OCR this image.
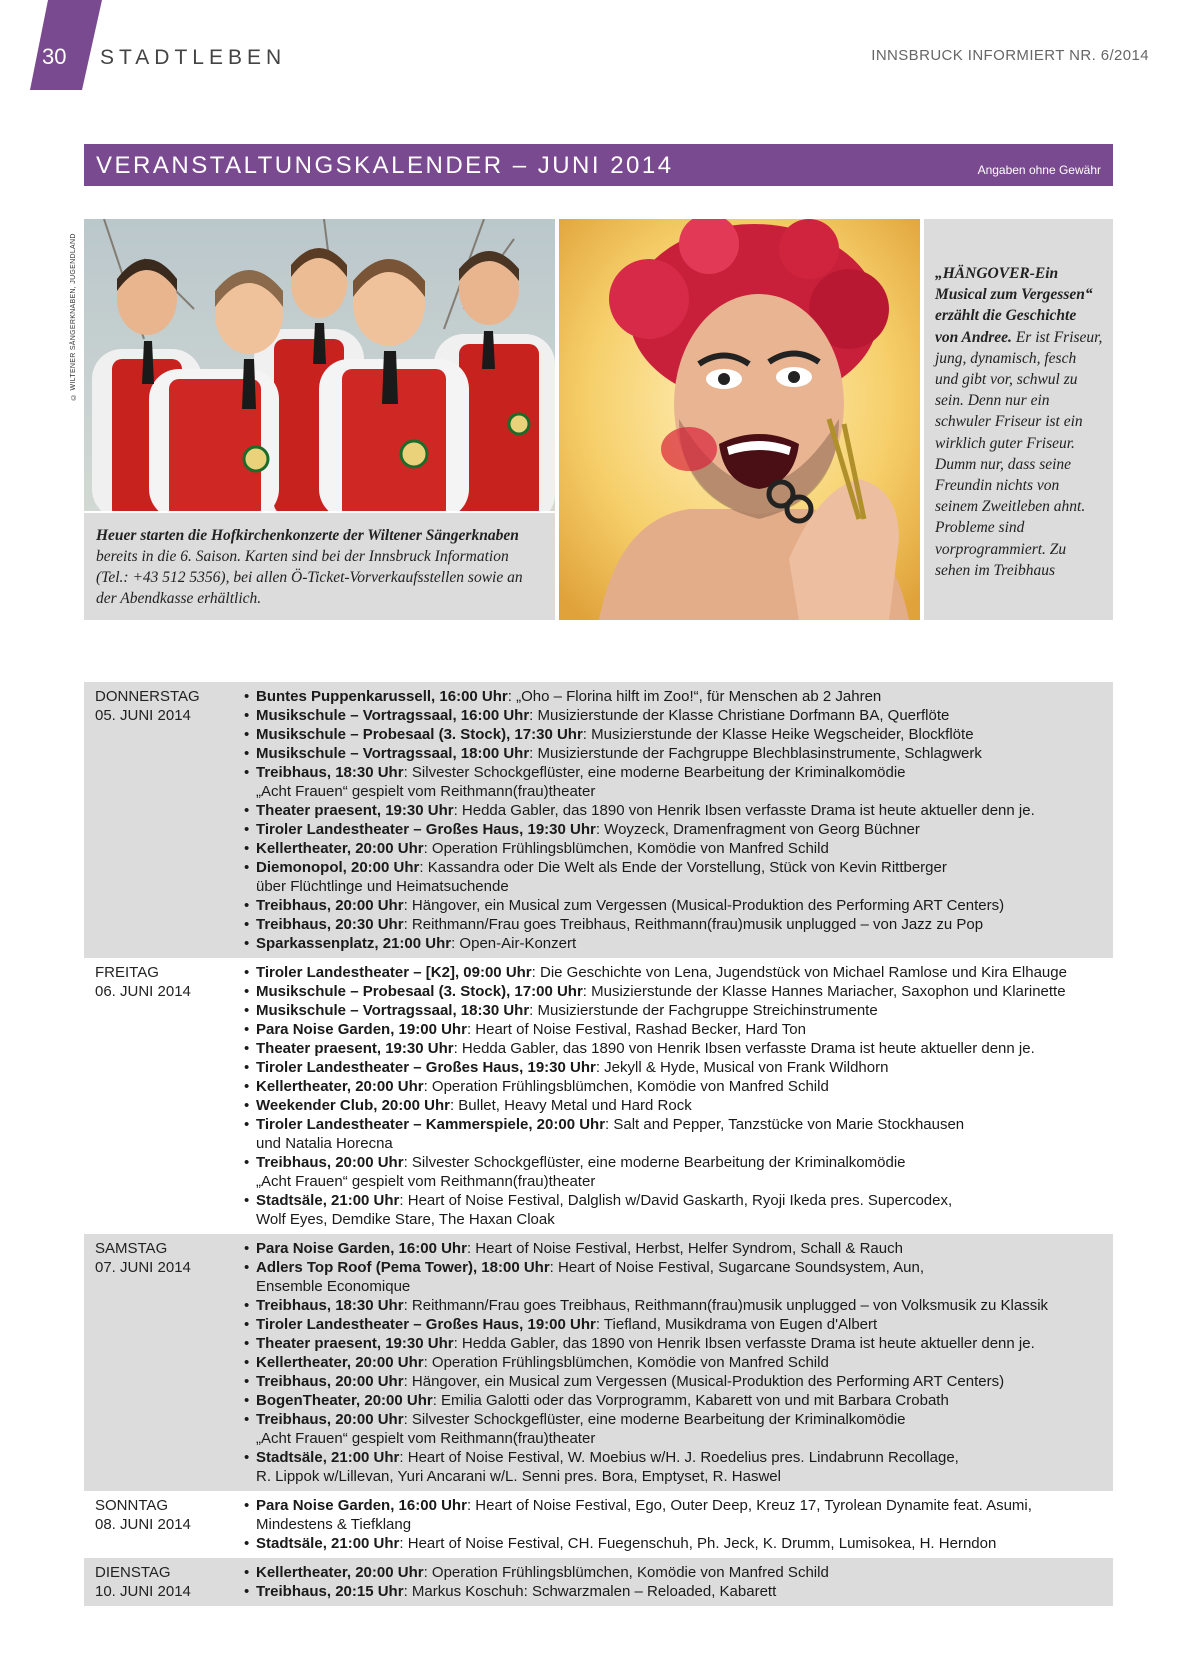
30 STADTLEBEN	INNSBRUCK INFORMIERT NR. 6/2014
VERANSTALTUNGSKALENDER – JUNI 2014	Angaben ohne Gewähr
© WILTENER SÄNGERKNABEN, JUGENDLAND
Heuer starten die Hofkirchenkonzerte der Wiltener Sängerknaben bereits in die 6. Saison. Karten sind bei der Innsbruck Information (Tel.: +43 512 5356), bei allen Ö-Ticket-Vorverkaufsstellen sowie an der Abendkasse erhältlich.
„HÄNGOVER-Ein Musical zum Vergessen“ erzählt die Geschichte von Andree. Er ist Friseur, jung, dynamisch, fesch und gibt vor, schwul zu sein. Denn nur ein schwuler Friseur ist ein wirklich guter Friseur. Dumm nur, dass seine Freundin nichts von seinem Zweitleben ahnt. Probleme sind vorprogrammiert. Zu sehen im Treibhaus
DONNERSTAG
05. JUNI 2014
• Buntes Puppenkarussell, 16:00 Uhr: „Oho – Florina hilft im Zoo!“, für Menschen ab 2 Jahren
• Musikschule – Vortragssaal, 16:00 Uhr: Musizierstunde der Klasse Christiane Dorfmann BA, Querflöte
• Musikschule – Probesaal (3. Stock), 17:30 Uhr: Musizierstunde der Klasse Heike Wegscheider, Blockflöte
• Musikschule – Vortragssaal, 18:00 Uhr: Musizierstunde der Fachgruppe Blechblasinstrumente, Schlagwerk
• Treibhaus, 18:30 Uhr: Silvester Schockgeflüster, eine moderne Bearbeitung der Kriminalkomödie
„Acht Frauen“ gespielt vom Reithmann(frau)theater
• Theater praesent, 19:30 Uhr: Hedda Gabler, das 1890 von Henrik Ibsen verfasste Drama ist heute aktueller denn je.
• Tiroler Landestheater – Großes Haus, 19:30 Uhr: Woyzeck, Dramenfragment von Georg Büchner
• Kellertheater, 20:00 Uhr: Operation Frühlingsblümchen, Komödie von Manfred Schild
• Diemonopol, 20:00 Uhr: Kassandra oder Die Welt als Ende der Vorstellung, Stück von Kevin Rittberger
über Flüchtlinge und Heimatsuchende
• Treibhaus, 20:00 Uhr: Hängover, ein Musical zum Vergessen (Musical-Produktion des Performing ART Centers)
• Treibhaus, 20:30 Uhr: Reithmann/Frau goes Treibhaus, Reithmann(frau)musik unplugged – von Jazz zu Pop
• Sparkassenplatz, 21:00 Uhr: Open-Air-Konzert
FREITAG
06. JUNI 2014
• Tiroler Landestheater – [K2], 09:00 Uhr: Die Geschichte von Lena, Jugendstück von Michael Ramlose und Kira Elhauge
• Musikschule – Probesaal (3. Stock), 17:00 Uhr: Musizierstunde der Klasse Hannes Mariacher, Saxophon und Klarinette
• Musikschule – Vortragssaal, 18:30 Uhr: Musizierstunde der Fachgruppe Streichinstrumente
• Para Noise Garden, 19:00 Uhr: Heart of Noise Festival, Rashad Becker, Hard Ton
• Theater praesent, 19:30 Uhr: Hedda Gabler, das 1890 von Henrik Ibsen verfasste Drama ist heute aktueller denn je.
• Tiroler Landestheater – Großes Haus, 19:30 Uhr: Jekyll & Hyde, Musical von Frank Wildhorn
• Kellertheater, 20:00 Uhr: Operation Frühlingsblümchen, Komödie von Manfred Schild
• Weekender Club, 20:00 Uhr: Bullet, Heavy Metal und Hard Rock
• Tiroler Landestheater – Kammerspiele, 20:00 Uhr: Salt and Pepper, Tanzstücke von Marie Stockhausen
und Natalia Horecna
• Treibhaus, 20:00 Uhr: Silvester Schockgeflüster, eine moderne Bearbeitung der Kriminalkomödie
„Acht Frauen“ gespielt vom Reithmann(frau)theater
• Stadtsäle, 21:00 Uhr: Heart of Noise Festival, Dalglish w/David Gaskarth, Ryoji Ikeda pres. Supercodex,
Wolf Eyes, Demdike Stare, The Haxan Cloak
SAMSTAG
07. JUNI 2014
• Para Noise Garden, 16:00 Uhr: Heart of Noise Festival, Herbst, Helfer Syndrom, Schall & Rauch
• Adlers Top Roof (Pema Tower), 18:00 Uhr: Heart of Noise Festival, Sugarcane Soundsystem, Aun,
Ensemble Economique
• Treibhaus, 18:30 Uhr: Reithmann/Frau goes Treibhaus, Reithmann(frau)musik unplugged – von Volksmusik zu Klassik
• Tiroler Landestheater – Großes Haus, 19:00 Uhr: Tiefland, Musikdrama von Eugen d'Albert
• Theater praesent, 19:30 Uhr: Hedda Gabler, das 1890 von Henrik Ibsen verfasste Drama ist heute aktueller denn je.
• Kellertheater, 20:00 Uhr: Operation Frühlingsblümchen, Komödie von Manfred Schild
• Treibhaus, 20:00 Uhr: Hängover, ein Musical zum Vergessen (Musical-Produktion des Performing ART Centers)
• BogenTheater, 20:00 Uhr: Emilia Galotti oder das Vorprogramm, Kabarett von und mit Barbara Crobath
• Treibhaus, 20:00 Uhr: Silvester Schockgeflüster, eine moderne Bearbeitung der Kriminalkomödie
„Acht Frauen“ gespielt vom Reithmann(frau)theater
• Stadtsäle, 21:00 Uhr: Heart of Noise Festival, W. Moebius w/H. J. Roedelius pres. Lindabrunn Recollage,
R. Lippok w/Lillevan, Yuri Ancarani w/L. Senni pres. Bora, Emptyset, R. Haswel
SONNTAG
08. JUNI 2014
• Para Noise Garden, 16:00 Uhr: Heart of Noise Festival, Ego, Outer Deep, Kreuz 17, Tyrolean Dynamite feat. Asumi,
Mindestens & Tiefklang
• Stadtsäle, 21:00 Uhr: Heart of Noise Festival, CH. Fuegenschuh, Ph. Jeck, K. Drumm, Lumisokea, H. Herndon
DIENSTAG
10. JUNI 2014
• Kellertheater, 20:00 Uhr: Operation Frühlingsblümchen, Komödie von Manfred Schild
• Treibhaus, 20:15 Uhr: Markus Koschuh: Schwarzmalen – Reloaded, Kabarett
